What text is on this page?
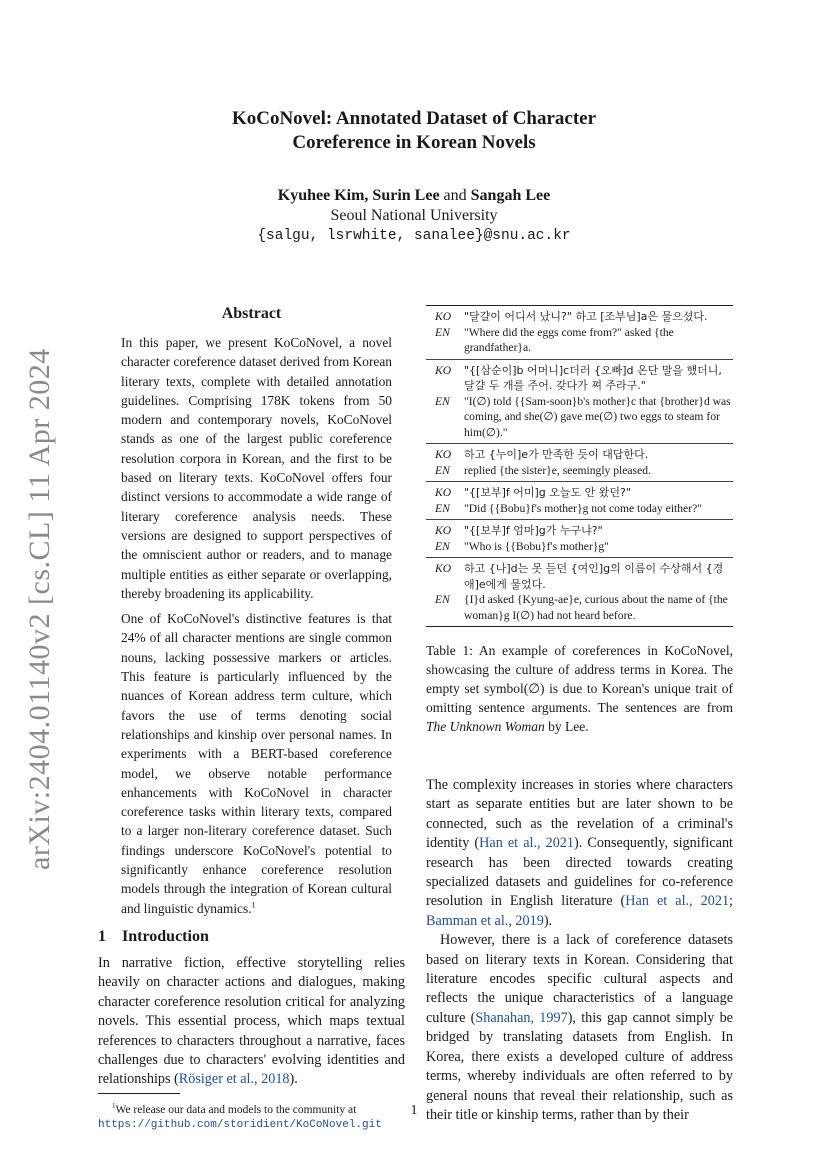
arXiv:2404.01140v2 [cs.CL] 11 Apr 2024
KoCoNovel: Annotated Dataset of Character
Coreference in Korean Novels
Kyuhee Kim, Surin Lee and Sangah Lee
Seoul National University
{salgu, lsrwhite, sanalee}@snu.ac.kr
Abstract

In this paper, we present KoCoNovel, a novel character coreference dataset derived from Korean literary texts, complete with detailed annotation guidelines. Comprising 178K tokens from 50 modern and contemporary novels, KoCoNovel stands as one of the largest public coreference resolution corpora in Korean, and the first to be based on literary texts. KoCoNovel offers four distinct versions to accommodate a wide range of literary coreference analysis needs. These versions are designed to support perspectives of the omniscient author or readers, and to manage multiple entities as either separate or overlapping, thereby broadening its applicability.

One of KoCoNovel's distinctive features is that 24% of all character mentions are single common nouns, lacking possessive markers or articles. This feature is particularly influenced by the nuances of Korean address term culture, which favors the use of terms denoting social relationships and kinship over personal names. In experiments with a BERT-based coreference model, we observe notable performance enhancements with KoCoNovel in character coreference tasks within literary texts, compared to a larger non-literary coreference dataset. Such findings underscore KoCoNovel's potential to significantly enhance coreference resolution models through the integration of Korean cultural and linguistic dynamics.$^1$

1 Introduction

In narrative fiction, effective storytelling relies heavily on character actions and dialogues, making character coreference resolution critical for analyzing novels. This essential process, which maps textual references to characters throughout a narrative, faces challenges due to characters' evolving identities and relationships (Rösiger et al., 2018).

$^1$We release our data and models to the community at
https://github.com/storidient/KoCoNovel.git
KO	"달걀이 어디서 났니?" 하고 [조부님]a은 물으셨다.
EN	"Where did the eggs come from?" asked {the grandfather}a.
KO	"{[삼순이]b 어머니]c더러 {오빠]d 온단 말을 했더니, 달걀 두 개를 주어. 갖다가 쪄 주라구."
EN	"I(∅) told {{Sam-soon}b's mother}c that {brother}d was coming, and she(∅) gave me(∅) two eggs to steam for him(∅)."
KO	하고 {누이]e가 만족한 듯이 대답한다.
EN	replied {the sister}e, seemingly pleased.
KO	"{[보부]f 어미]g 오늘도 안 왔던?"
EN	"Did {{Bobu}f's mother}g not come today either?"
KO	"{[보부]f 엄마]g가 누구냐?"
EN	"Who is {{Bobu}f's mother}g"
KO	하고 {나]d는 못 듣던 {여인]g의 이름이 수상해서 {경애]e에게 물었다.
EN	{I}d asked {Kyung-ae}e, curious about the name of {the woman}g I(∅) had not heard before.
Table 1: An example of coreferences in KoCoNovel, showcasing the culture of address terms in Korea. The empty set symbol(∅) is due to Korean's unique trait of omitting sentence arguments. The sentences are from The Unknown Woman by Lee.

The complexity increases in stories where characters start as separate entities but are later shown to be connected, such as the revelation of a criminal's identity (Han et al., 2021). Consequently, significant research has been directed towards creating specialized datasets and guidelines for co-reference resolution in English literature (Han et al., 2021; Bamman et al., 2019).

However, there is a lack of coreference datasets based on literary texts in Korean. Considering that literature encodes specific cultural aspects and reflects the unique characteristics of a language culture (Shanahan, 1997), this gap cannot simply be bridged by translating datasets from English. In Korea, there exists a developed culture of address terms, whereby individuals are often referred to by general nouns that reveal their relationship, such as their title or kinship terms, rather than by their

1
